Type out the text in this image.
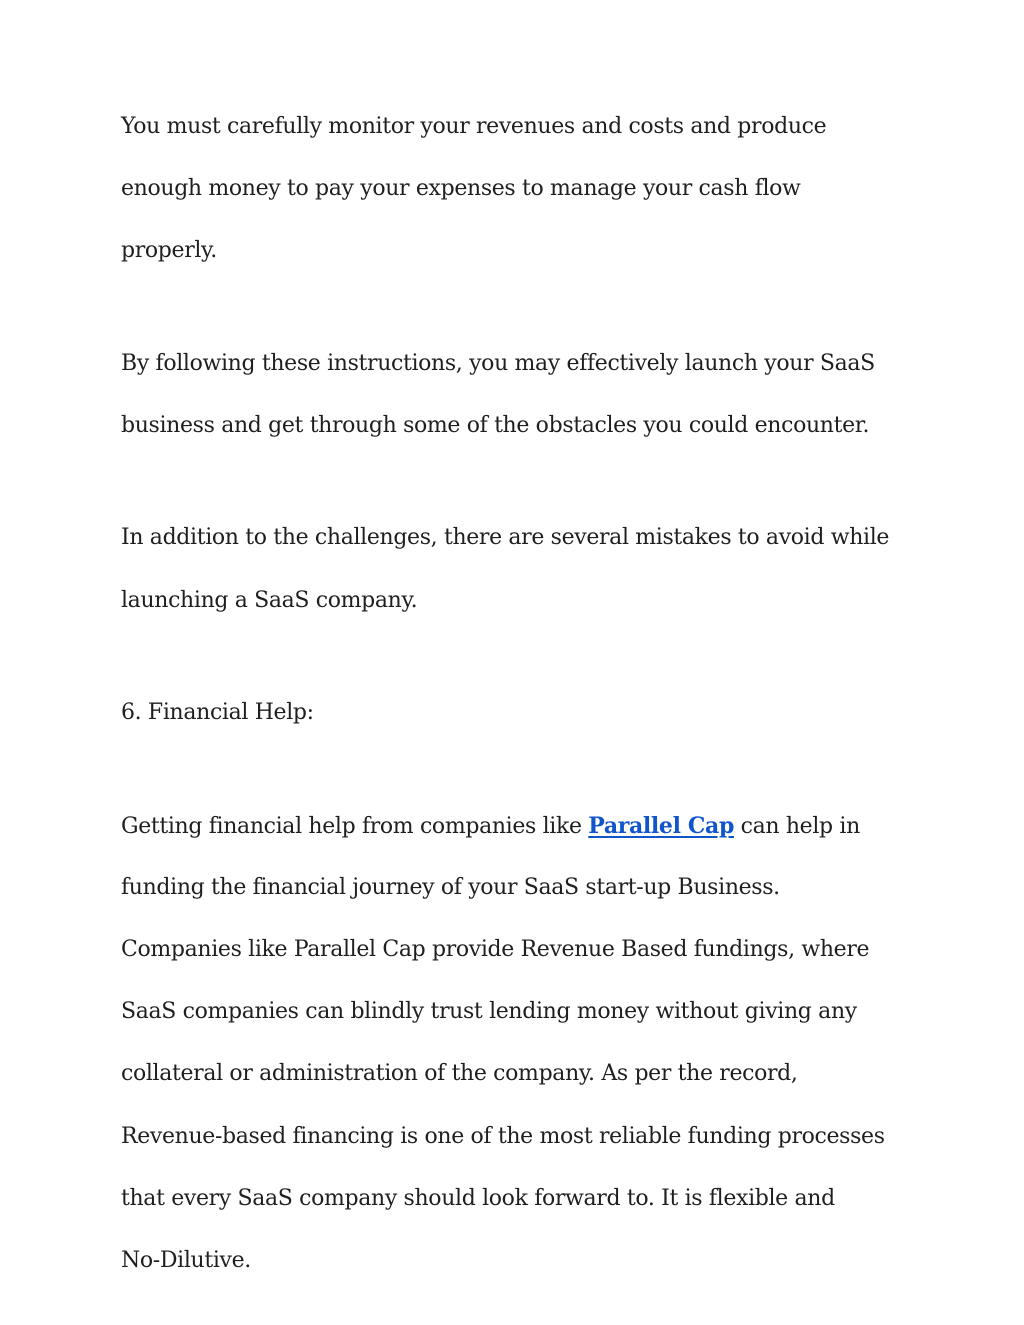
You must carefully monitor your revenues and costs and produce

enough money to pay your expenses to manage your cash flow

properly.

By following these instructions, you may effectively launch your SaaS

business and get through some of the obstacles you could encounter.

In addition to the challenges, there are several mistakes to avoid while

launching a SaaS company.

6. Financial Help:

Getting financial help from companies like Parallel Cap can help in

funding the financial journey of your SaaS start-up Business.

Companies like Parallel Cap provide Revenue Based fundings, where

SaaS companies can blindly trust lending money without giving any

collateral or administration of the company. As per the record,

Revenue-based financing is one of the most reliable funding processes

that every SaaS company should look forward to. It is flexible and

No-Dilutive.
